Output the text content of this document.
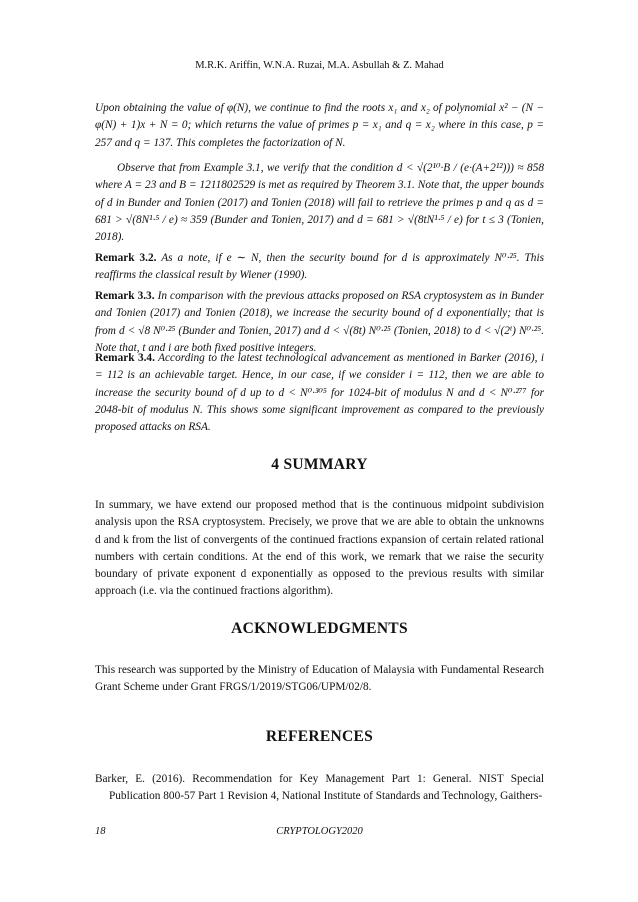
M.R.K. Ariffin, W.N.A. Ruzai, M.A. Asbullah & Z. Mahad
Upon obtaining the value of φ(N), we continue to find the roots x₁ and x₂ of polynomial x² − (N − φ(N) + 1)x + N = 0; which returns the value of primes p = x₁ and q = x₂ where in this case, p = 257 and q = 137. This completes the factorization of N.
Observe that from Example 3.1, we verify that the condition d < √(2¹⁰·B / (e·(A+2¹²))) ≈ 858 where A = 23 and B = 1211802529 is met as required by Theorem 3.1. Note that, the upper bounds of d in Bunder and Tonien (2017) and Tonien (2018) will fail to retrieve the primes p and q as d = 681 > √(8N¹·⁵ / e) ≈ 359 (Bunder and Tonien, 2017) and d = 681 > √(8tN¹·⁵ / e) for t ≤ 3 (Tonien, 2018).
Remark 3.2. As a note, if e ∼ N, then the security bound for d is approximately N⁰·²⁵. This reaffirms the classical result by Wiener (1990).
Remark 3.3. In comparison with the previous attacks proposed on RSA cryptosystem as in Bunder and Tonien (2017) and Tonien (2018), we increase the security bound of d exponentially; that is from d < √8 N⁰·²⁵ (Bunder and Tonien, 2017) and d < √(8t) N⁰·²⁵ (Tonien, 2018) to d < √(2ⁱ) N⁰·²⁵. Note that, t and i are both fixed positive integers.
Remark 3.4. According to the latest technological advancement as mentioned in Barker (2016), i = 112 is an achievable target. Hence, in our case, if we consider i = 112, then we are able to increase the security bound of d up to d < N⁰·³⁰⁵ for 1024-bit of modulus N and d < N⁰·²⁷⁷ for 2048-bit of modulus N. This shows some significant improvement as compared to the previously proposed attacks on RSA.
4 SUMMARY
In summary, we have extend our proposed method that is the continuous midpoint subdivision analysis upon the RSA cryptosystem. Precisely, we prove that we are able to obtain the unknowns d and k from the list of convergents of the continued fractions expansion of certain related rational numbers with certain conditions. At the end of this work, we remark that we raise the security boundary of private exponent d exponentially as opposed to the previous results with similar approach (i.e. via the continued fractions algorithm).
ACKNOWLEDGMENTS
This research was supported by the Ministry of Education of Malaysia with Fundamental Research Grant Scheme under Grant FRGS/1/2019/STG06/UPM/02/8.
REFERENCES
Barker, E. (2016). Recommendation for Key Management Part 1: General. NIST Special Publication 800-57 Part 1 Revision 4, National Institute of Standards and Technology, Gaithers-
18	CRYPTOLOGY2020
